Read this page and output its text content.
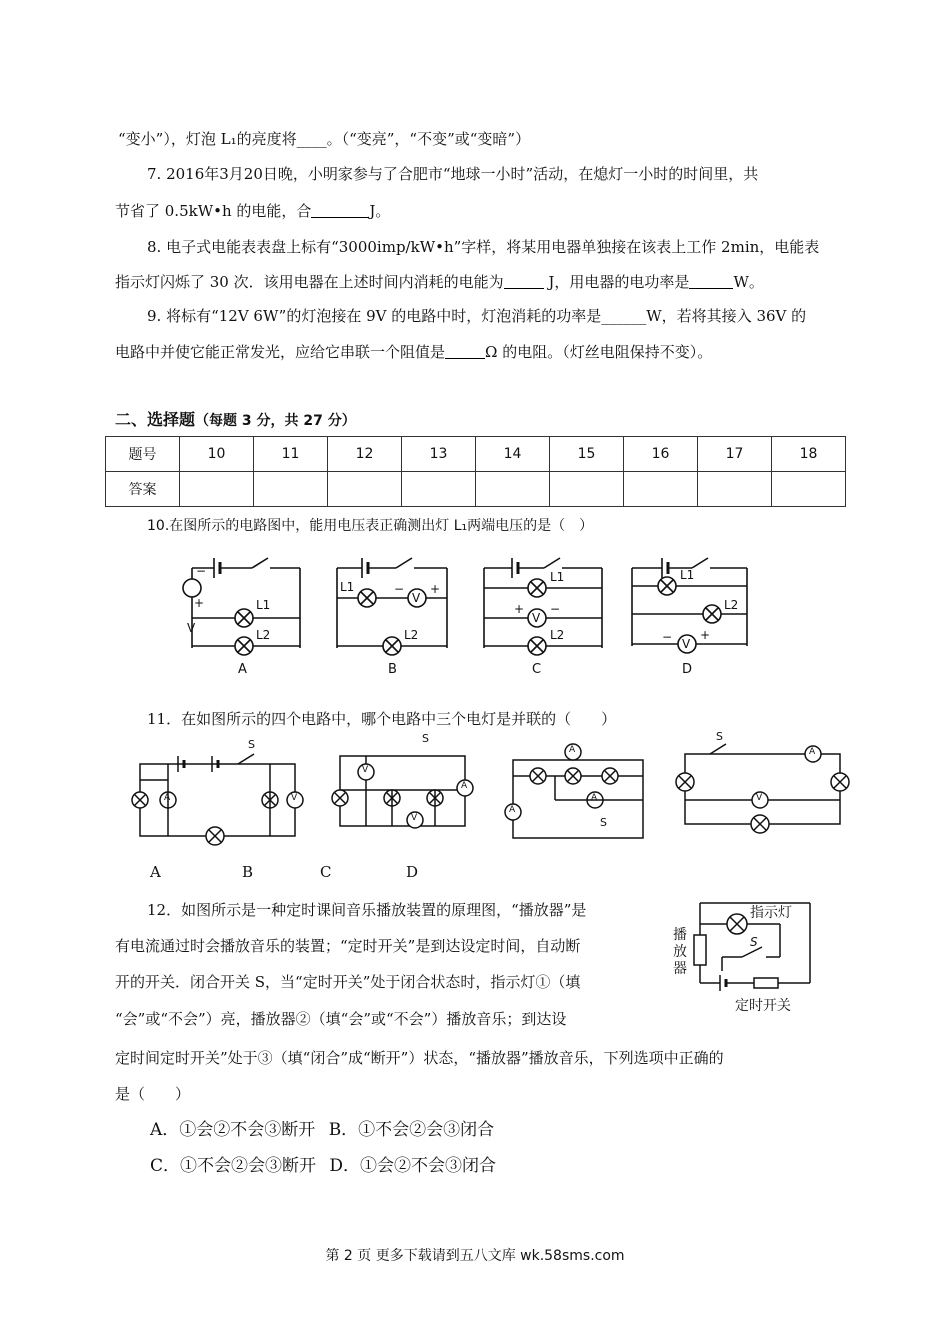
“变小”），灯泡 L₁的亮度将____。（“变亮”，“不变”或“变暗”）
7. 2016年3月20日晚，小明家参与了合肥市“地球一小时”活动，在熄灯一小时的时间里，共
节省了 0.5kW•h 的电能，合	J。
8. 电子式电能表表盘上标有“3000imp/kW•h”字样，将某用电器单独接在该表上工作 2min，电能表
指示灯闪烁了 30 次．该用电器在上述时间内消耗的电能为	J，用电器的电功率是	W。
9. 将标有“12V 6W”的灯泡接在 9V 的电路中时，灯泡消耗的功率是______W，若将其接入 36V 的
电路中并使它能正常发光，应给它串联一个阻值是	Ω 的电阻。（灯丝电阻保持不变）。
二、选择题（每题 3 分，共 27 分）
题号	10	11	12	13	14	15	16	17	18
答案									
10.在图所示的电路图中，能用电压表正确测出灯 L₁两端电压的是（　）
V
−
+	L1
L2
A
L1	−
V
+
L2
B
L1
+
V
−
L2
C
L1
L2
− V
+
D
11．在如图所示的四个电路中，哪个电路中三个电灯是并联的（　　）
A	V
S
V
A
V
S
A
A
A
S
A
V
S
A	B	C	D
12．如图所示是一种定时课间音乐播放装置的原理图，“播放器”是
有电流通过时会播放音乐的装置；“定时开关”是到达设定时间，自动断
开的开关．闭合开关 S，当“定时开关”处于闭合状态时，指示灯①（填
“会”或“不会”）亮，播放器②（填“会”或“不会”）播放音乐；到达设
定时间定时开关”处于③（填“闭合”成“断开”）状态，“播放器”播放音乐，下列选项中正确的
是（　　）
指示灯
播放器
S
定时开关
A．①会②不会③断开 B．①不会②会③闭合
C．①不会②会③断开 D．①会②不会③闭合
第 2 页 更多下载请到五八文库 wk.58sms.com
